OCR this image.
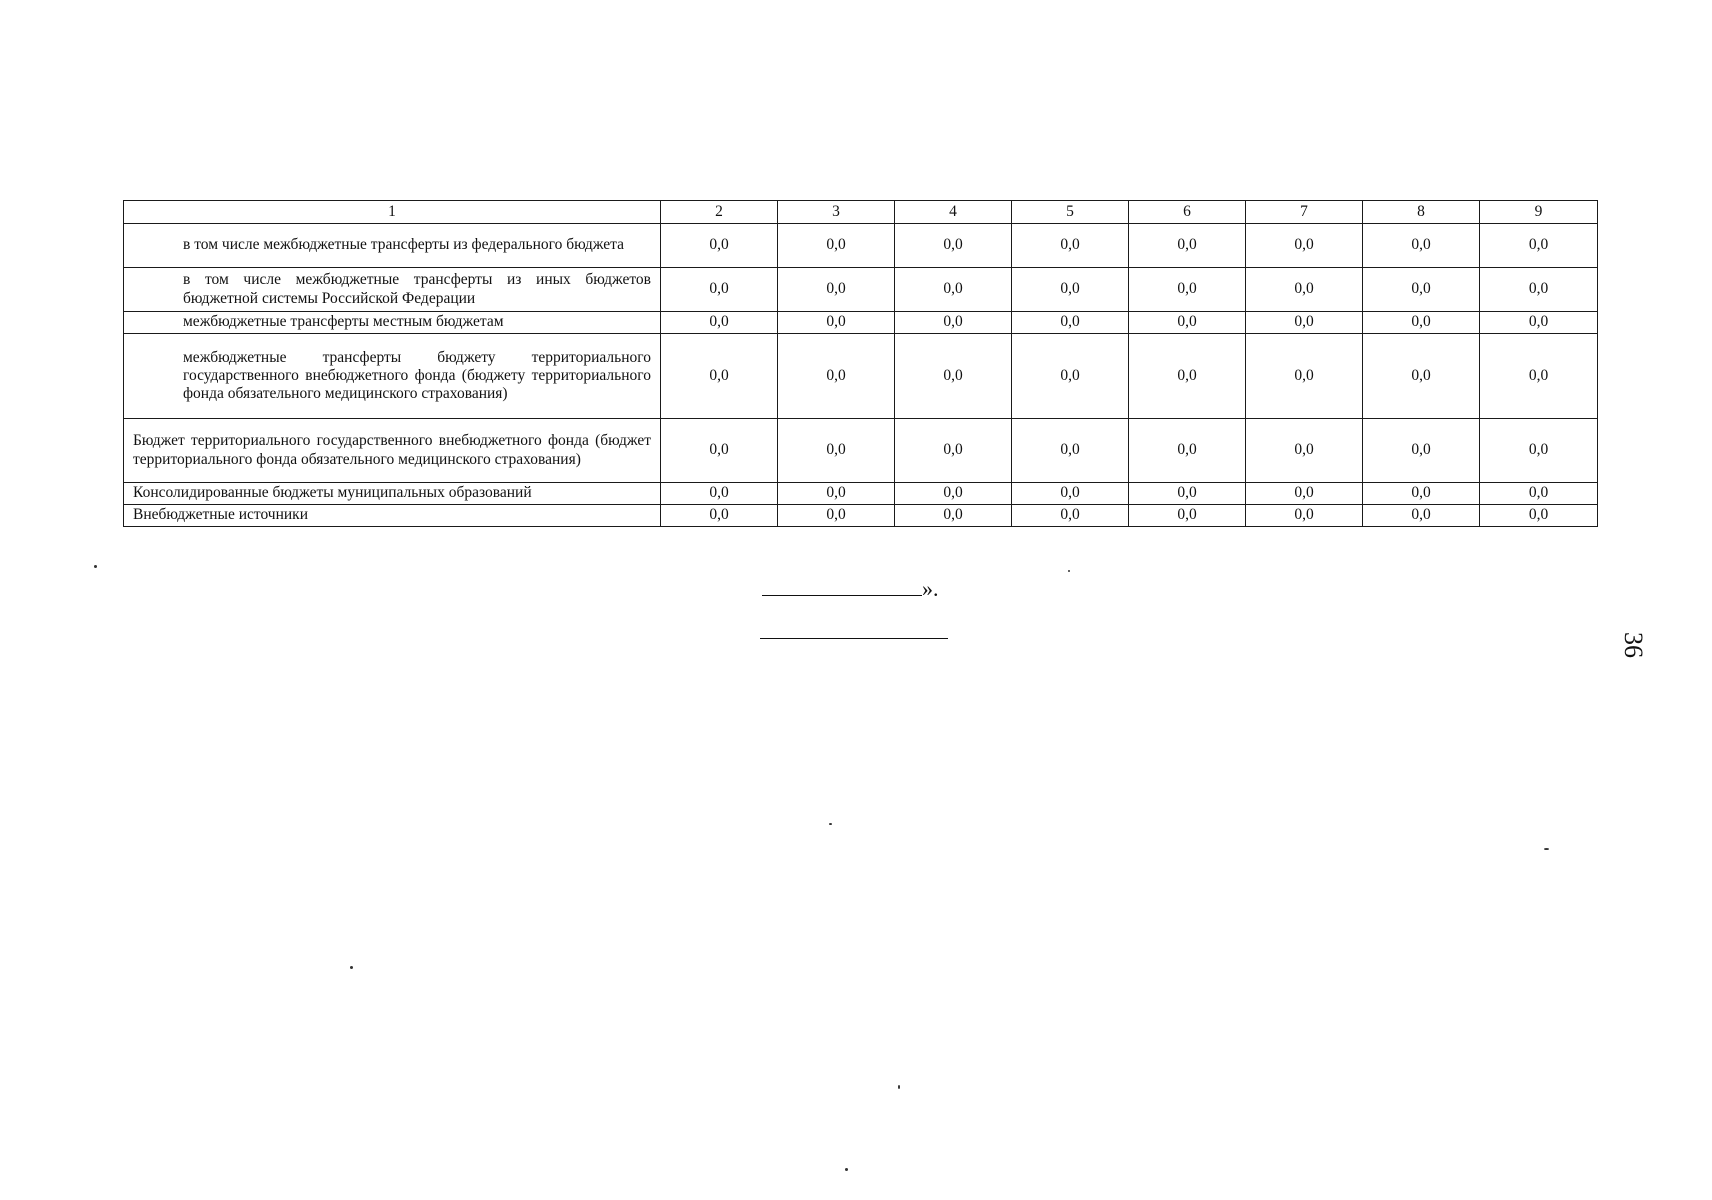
1	2	3	4	5	6	7	8	9
в том числе межбюджетные трансферты из федерального бюджета	0,0	0,0	0,0	0,0	0,0	0,0	0,0	0,0
в том числе межбюджетные трансферты из иных бюджетов бюджетной системы Российской Федерации	0,0	0,0	0,0	0,0	0,0	0,0	0,0	0,0
межбюджетные трансферты местным бюджетам	0,0	0,0	0,0	0,0	0,0	0,0	0,0	0,0
межбюджетные трансферты бюджету территориального государственного внебюджетного фонда (бюджету территориального фонда обязательного медицинского страхования)	0,0	0,0	0,0	0,0	0,0	0,0	0,0	0,0
Бюджет территориального государственного внебюджетного фонда (бюджет территориального фонда обязательного медицинского страхования)	0,0	0,0	0,0	0,0	0,0	0,0	0,0	0,0
Консолидированные бюджеты муниципальных образований	0,0	0,0	0,0	0,0	0,0	0,0	0,0	0,0
Внебюджетные источники	0,0	0,0	0,0	0,0	0,0	0,0	0,0	0,0
».
36
